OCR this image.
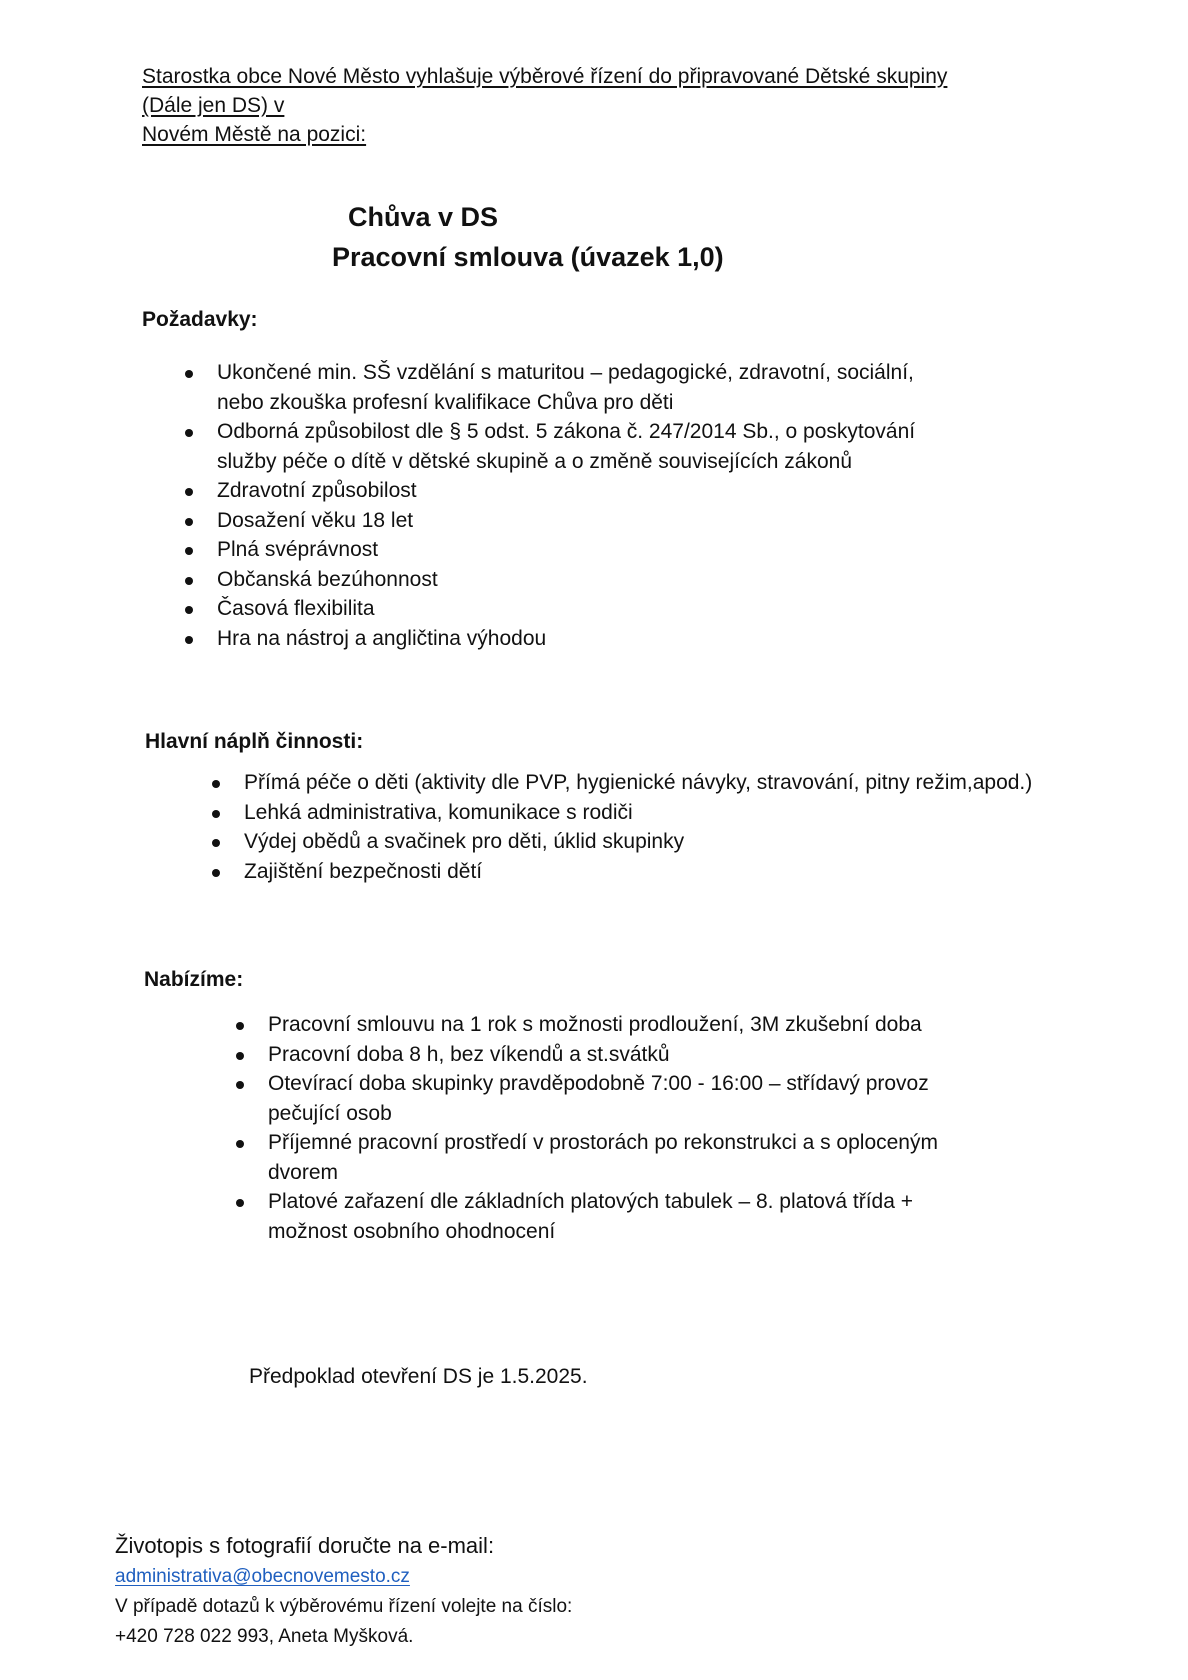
Starostka obce Nové Město vyhlašuje výběrové řízení do připravované Dětské skupiny
(Dále jen DS) v
Novém Městě na pozici:
Chůva v DS
Pracovní smlouva (úvazek 1,0)
Požadavky:
Ukončené min. SŠ vzdělání s maturitou – pedagogické, zdravotní, sociální,
nebo zkouška profesní kvalifikace Chůva pro děti
Odborná způsobilost dle § 5 odst. 5 zákona č. 247/2014 Sb., o poskytování
služby péče o dítě v dětské skupině a o změně souvisejících zákonů
Zdravotní způsobilost
Dosažení věku 18 let
Plná svéprávnost
Občanská bezúhonnost
Časová flexibilita
Hra na nástroj a angličtina výhodou
Hlavní náplň činnosti:
Přímá péče o děti (aktivity dle PVP, hygienické návyky, stravování, pitny režim,apod.)
Lehká administrativa, komunikace s rodiči
Výdej obědů a svačinek pro děti, úklid skupinky
Zajištění bezpečnosti dětí
Nabízíme:
Pracovní smlouvu na 1 rok s možnosti prodloužení, 3M zkušební doba
Pracovní doba 8 h, bez víkendů a st.svátků
Otevírací doba skupinky pravděpodobně 7:00 - 16:00 – střídavý provoz
pečující osob
Příjemné pracovní prostředí v prostorách po rekonstrukci a s oploceným
dvorem
Platové zařazení dle základních platových tabulek – 8. platová třída +
možnost osobního ohodnocení
Předpoklad otevření DS je 1.5.2025.
Životopis s fotografií doručte na e-mail:
administrativa@obecnovemesto.cz
V případě dotazů k výběrovému řízení volejte na číslo:
+420 728 022 993, Aneta Myšková.
